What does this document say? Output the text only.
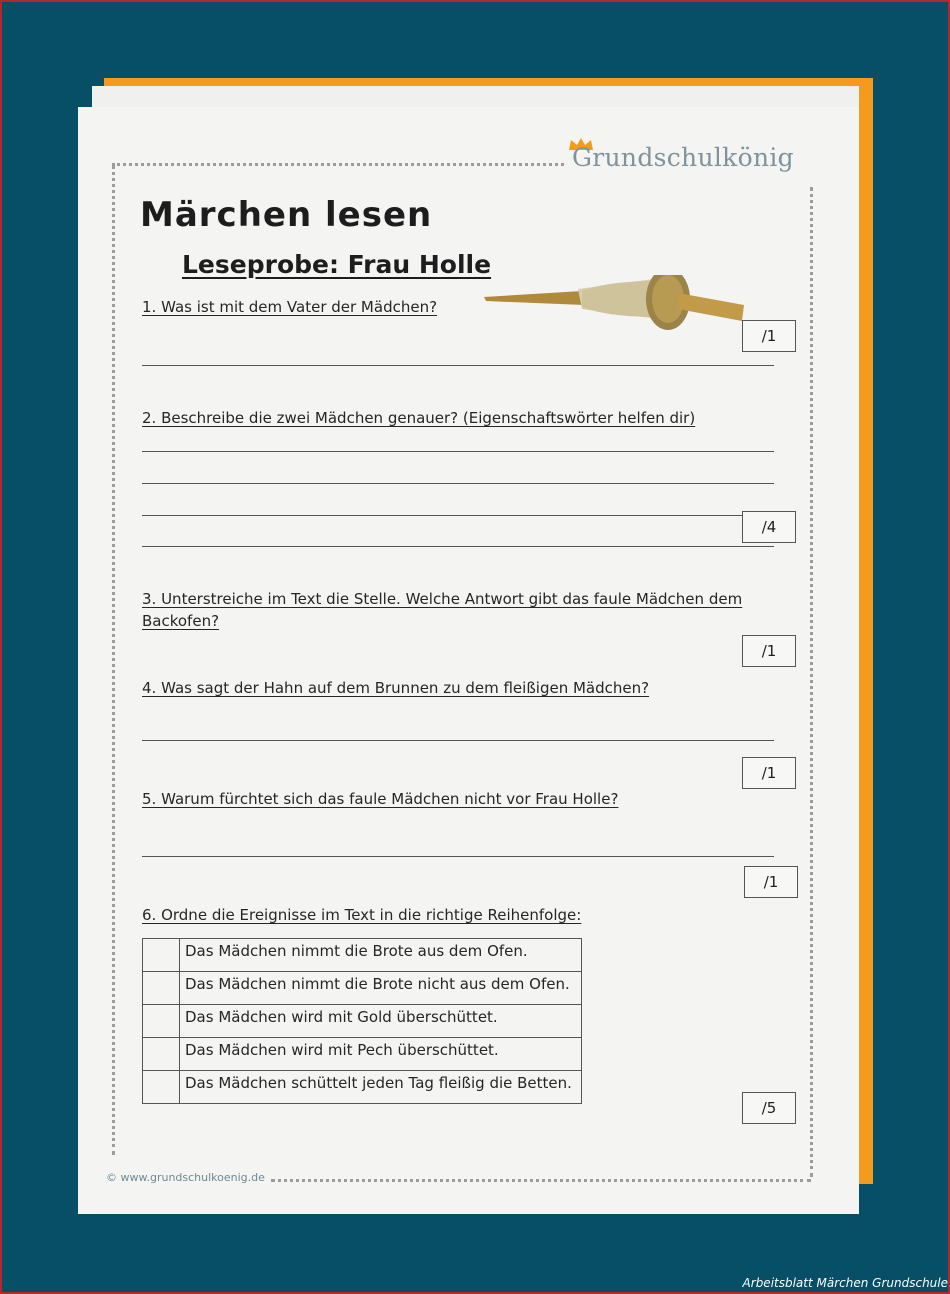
Grundschulkönig
Märchen lesen
Leseprobe: Frau Holle
1. Was ist mit dem Vater der Mädchen?
/1
2. Beschreibe die zwei Mädchen genauer? (Eigenschaftswörter helfen dir)
/4
3. Unterstreiche im Text die Stelle. Welche Antwort gibt das faule Mädchen dem
Backofen?
/1
4. Was sagt der Hahn auf dem Brunnen zu dem fleißigen Mädchen?
/1
5. Warum fürchtet sich das faule Mädchen nicht vor Frau Holle?
/1
6. Ordne die Ereignisse im Text in die richtige Reihenfolge:
	Das Mädchen nimmt die Brote aus dem Ofen.
	Das Mädchen nimmt die Brote nicht aus dem Ofen.
	Das Mädchen wird mit Gold überschüttet.
	Das Mädchen wird mit Pech überschüttet.
	Das Mädchen schüttelt jeden Tag fleißig die Betten.
/5
© www.grundschulkoenig.de
Arbeitsblatt Märchen Grundschule
